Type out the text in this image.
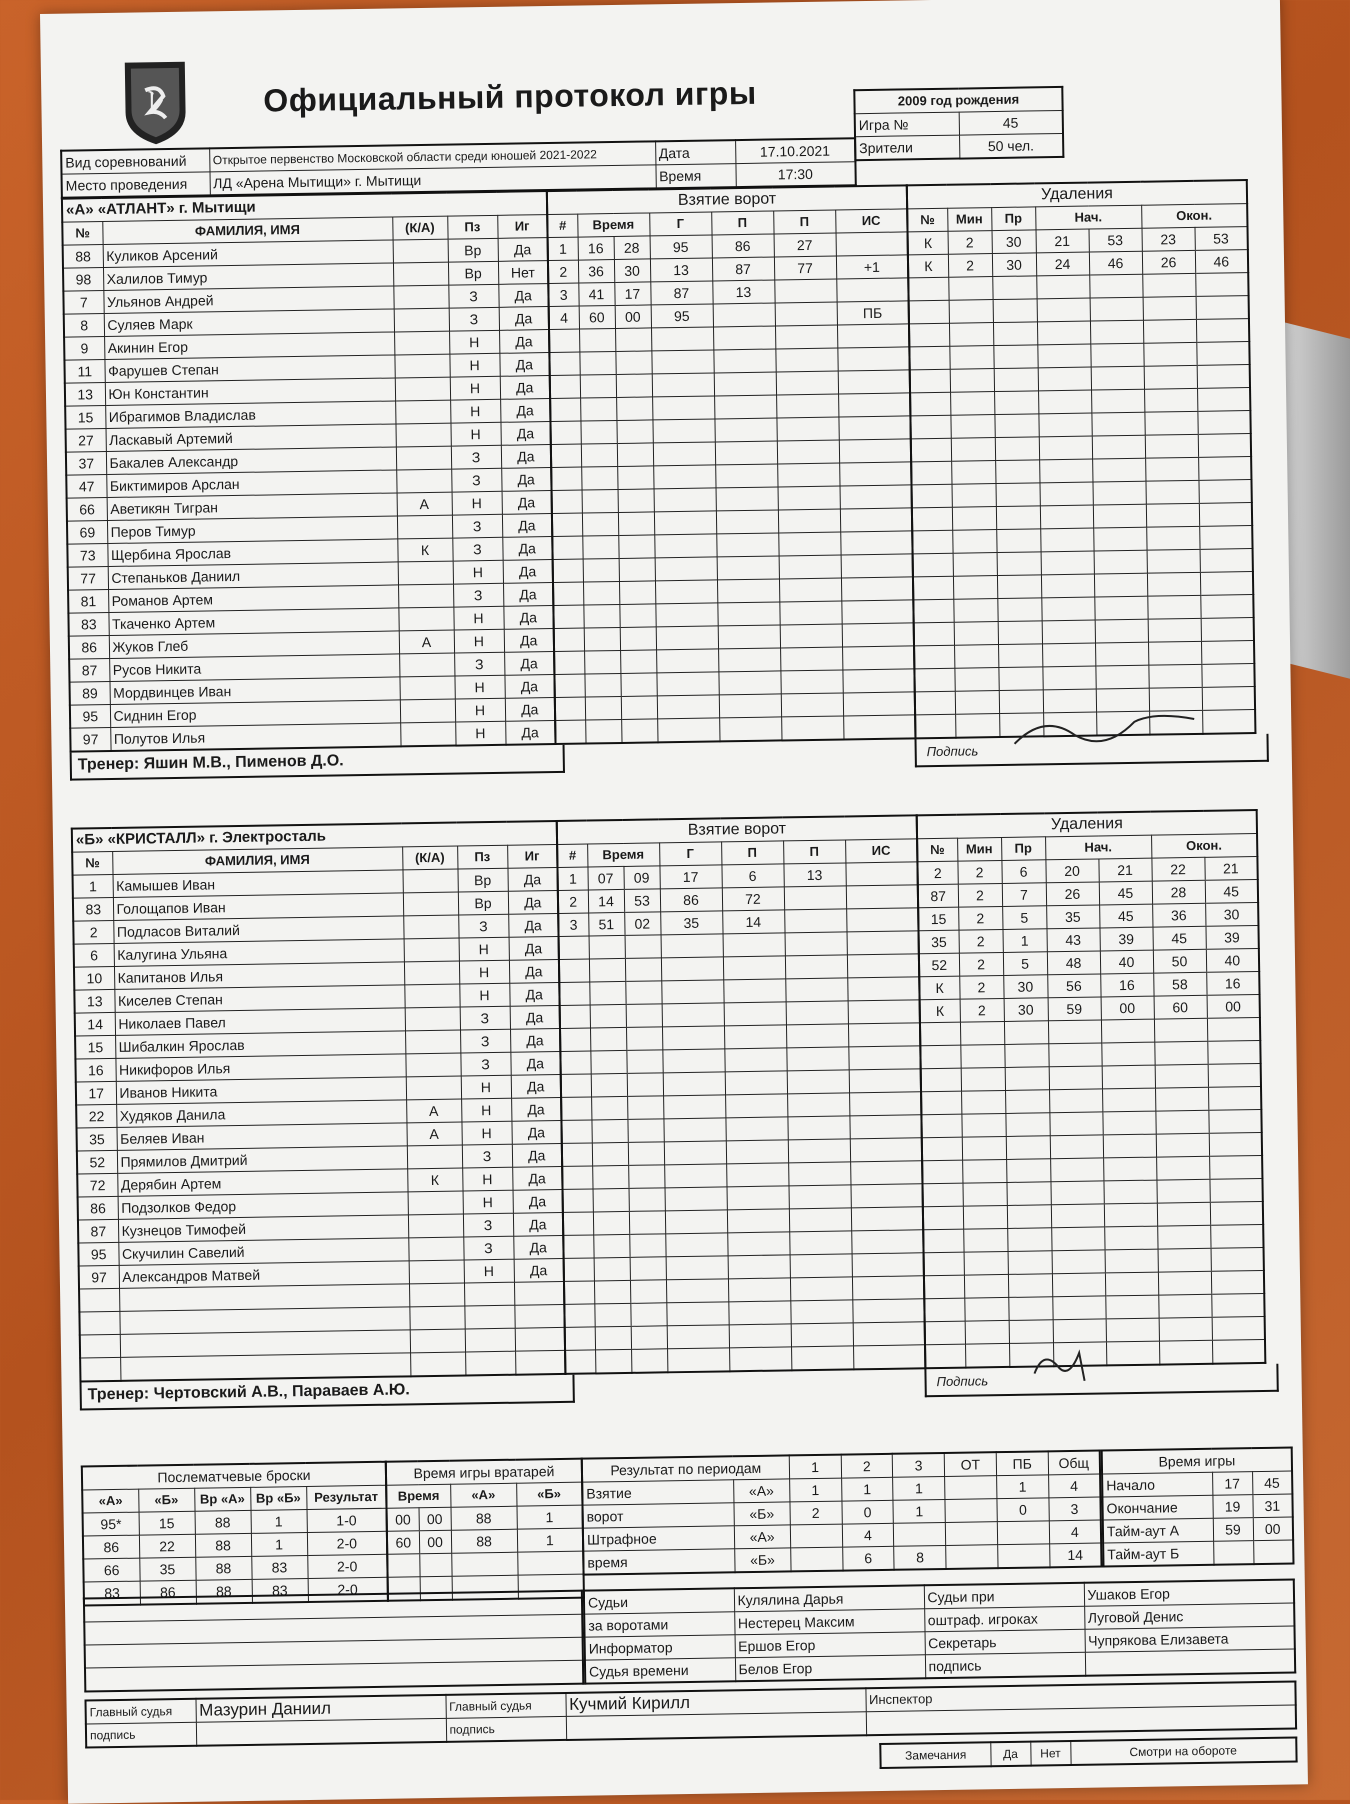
ﾚ	Официальный протокол игры	2009 год рождения	
Игра №	45
Зрители	50 чел.
Вид соревнований	Открытое первенство Московской области среди юношей 2021-2022	Дата	17.10.2021
Место проведения	ЛД «Арена Мытищи» г. Мытищи	Время	17:30
«А» «АТЛАНТ» г. Мытищи				
№	ФАМИЛИЯ, ИМЯ	(К/А)	Пз	Иг
88	Куликов Арсений		Вр	Да
98	Халилов Тимур		Вр	Нет
7	Ульянов Андрей		З	Да
8	Суляев Марк		З	Да
9	Акинин Егор		Н	Да
11	Фарушев Степан		Н	Да
13	Юн Константин		Н	Да
15	Ибрагимов Владислав		Н	Да
27	Ласкавый Артемий		Н	Да
37	Бакалев Александр		З	Да
47	Биктимиров Арслан		З	Да
66	Аветикян Тигран	А	Н	Да
69	Перов Тимур		З	Да
73	Щербина Ярослав	К	З	Да
77	Степаньков Даниил		Н	Да
81	Романов Артем		З	Да
83	Ткаченко Артем		Н	Да
86	Жуков Глеб	А	Н	Да
87	Русов Никита		З	Да
89	Мордвинцев Иван		Н	Да
95	Сиднин Егор		Н	Да
97	Полутов Илья		Н	Да
Тренер: Яшин М.В., Пименов Д.О.
Взятие ворот						
#	Время		Г	П	П	ИС
1	16	28	95	86	27	
2	36	30	13	87	77	+1
3	41	17	87	13		
4	60	00	95			ПБ

Удаления						
№	Мин	Пр	Нач.		Окон.	
К	2	30	21	53	23	53
К	2	30	24	46	26	46

Подпись
«Б» «КРИСТАЛЛ» г. Электросталь				
№	ФАМИЛИЯ, ИМЯ	(К/А)	Пз	Иг
1	Камышев Иван		Вр	Да
83	Голощапов Иван		Вр	Да
2	Подласов Виталий		З	Да
6	Калугина Ульяна		Н	Да
10	Капитанов Илья		Н	Да
13	Киселев Степан		Н	Да
14	Николаев Павел		З	Да
15	Шибалкин Ярослав		З	Да
16	Никифоров Илья		З	Да
17	Иванов Никита		Н	Да
22	Худяков Данила	А	Н	Да
35	Беляев Иван	А	Н	Да
52	Прямилов Дмитрий		З	Да
72	Дерябин Артем	К	Н	Да
86	Подзолков Федор		Н	Да
87	Кузнецов Тимофей		З	Да
95	Скучилин Савелий		З	Да
97	Александров Матвей		Н	Да

Тренер: Чертовский А.В., Параваев А.Ю.
Взятие ворот						
#	Время		Г	П	П	ИС
1	07	09	17	6	13	
2	14	53	86	72		
3	51	02	35	14		

Удаления						
№	Мин	Пр	Нач.		Окон.	
2	2	6	20	21	22	21
87	2	7	26	45	28	45
15	2	5	35	45	36	30
35	2	1	43	39	45	39
52	2	5	48	40	50	40
К	2	30	56	16	58	16
К	2	30	59	00	60	00

Подпись
Послематчевые броски				
«А»	«Б»	Вр «А»	Вр «Б»	Результат
95*	15	88	1	1-0
86	22	88	1	2-0
66	35	88	83	2-0
83	86	88	83	2-0
Время игры вратарей			
Время		«А»	«Б»
00	00	88	1
60	00	88	1

Результат по периодам		1	2	3	ОТ	ПБ	Общ
Взятие	«А»	1	1	1		1	4
ворот	«Б»	2	0	1		0	3
Штрафное	«А»		4				4
время	«Б»		6	8			14
Время игры		
Начало	17	45
Окончание	19	31
Тайм-аут А	59	00
Тайм-аут Б		
Судьи	Кулялина Дарья	Судьи при	Ушаков Егор
за воротами	Нестерец Максим	оштраф. игроках	Луговой Денис
Информатор	Ершов Егор	Секретарь	Чупрякова Елизавета
Судья времени	Белов Егор	подпись	

Главный судья	Мазурин Даниил	Главный судья	Кучмий Кирилл	Инспектор
подпись		подпись		
Замечания	Да	Нет	Смотри на обороте
